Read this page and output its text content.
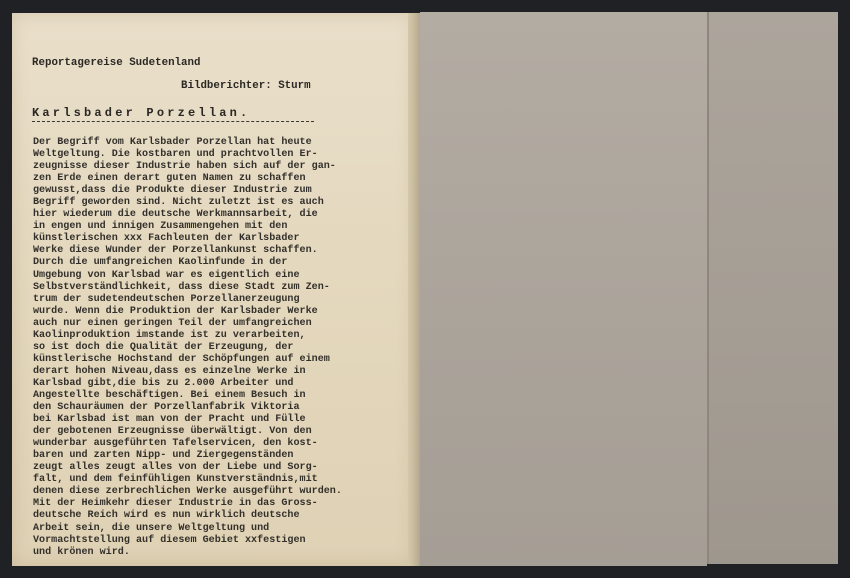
Reportagereise Sudetenland
Bildberichter: Sturm
Karlsbader Porzellan.
Der Begriff vom Karlsbader Porzellan hat heute
Weltgeltung. Die kostbaren und prachtvollen Er-
zeugnisse dieser Industrie haben sich auf der gan-
zen Erde einen derart guten Namen zu schaffen
gewusst,dass die Produkte dieser Industrie zum
Begriff geworden sind. Nicht zuletzt ist es auch
hier wiederum die deutsche Werkmannsarbeit, die
in engen und innigen Zusammengehen mit den
künstlerischen xxx Fachleuten der Karlsbader
Werke diese Wunder der Porzellankunst schaffen.
Durch die umfangreichen Kaolinfunde in der
Umgebung von Karlsbad war es eigentlich eine
Selbstverständlichkeit, dass diese Stadt zum Zen-
trum der sudetendeutschen Porzellanerzeugung
wurde. Wenn die Produktion der Karlsbader Werke
auch nur einen geringen Teil der umfangreichen
Kaolinproduktion imstande ist zu verarbeiten,
so ist doch die Qualität der Erzeugung, der
künstlerische Hochstand der Schöpfungen auf einem
derart hohen Niveau,dass es einzelne Werke in
Karlsbad gibt,die bis zu 2.000 Arbeiter und
Angestellte beschäftigen. Bei einem Besuch in
den Schauräumen der Porzellanfabrik Viktoria
bei Karlsbad ist man von der Pracht und Fülle
der gebotenen Erzeugnisse überwältigt. Von den
wunderbar ausgeführten Tafelservicen, den kost-
baren und zarten Nipp- und Ziergegenständen
zeugt alles zeugt alles von der Liebe und Sorg-
falt, und dem feinfühligen Kunstverständnis,mit
denen diese zerbrechlichen Werke ausgeführt wurden.
Mit der Heimkehr dieser Industrie in das Gross-
deutsche Reich wird es nun wirklich deutsche
Arbeit sein, die unsere Weltgeltung und
Vormachtstellung auf diesem Gebiet xxfestigen
und krönen wird.
